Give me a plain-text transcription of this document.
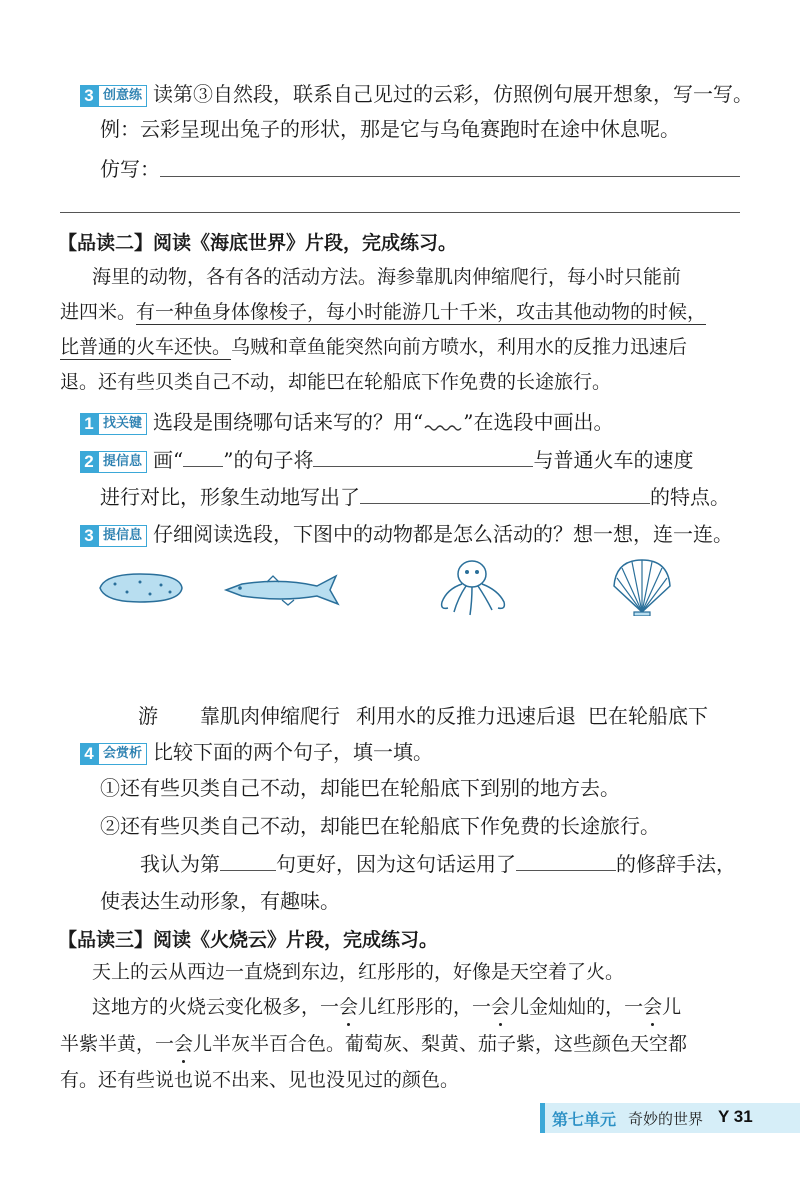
3 创意练 读第③自然段，联系自己见过的云彩，仿照例句展开想象，写一写。
例：云彩呈现出兔子的形状，那是它与乌龟赛跑时在途中休息呢。
仿写：
【品读二】阅读《海底世界》片段，完成练习。
海里的动物，各有各的活动方法。海参靠肌肉伸缩爬行，每小时只能前
进四米。有一种鱼身体像梭子，每小时能游几十千米，攻击其他动物的时候，
比普通的火车还快。乌贼和章鱼能突然向前方喷水，利用水的反推力迅速后
退。还有些贝类自己不动，却能巴在轮船底下作免费的长途旅行。
1 找关键 选段是围绕哪句话来写的？用“ ”在选段中画出。
2 提信息 画“ ”的句子将	与普通火车的速度
进行对比，形象生动地写出了	的特点。
3 提信息 仔细阅读选段，下图中的动物都是怎么活动的？想一想，连一连。
游 靠肌肉伸缩爬行 利用水的反推力迅速后退 巴在轮船底下
4 会赏析 比较下面的两个句子，填一填。
①还有些贝类自己不动，却能巴在轮船底下到别的地方去。
②还有些贝类自己不动，却能巴在轮船底下作免费的长途旅行。
我认为第	句更好，因为这句话运用了	的修辞手法，
使表达生动形象，有趣味。
【品读三】阅读《火烧云》片段，完成练习。
天上的云从西边一直烧到东边，红彤彤的，好像是天空着了火。
这地方的火烧云变化极多，一会儿红彤彤的，一会儿金灿灿的，一会儿
半紫半黄，一会儿半灰半百合色。葡萄灰、梨黄、茄子紫，这些颜色天空都
有。还有些说也说不出来、见也没见过的颜色。
第七单元 奇妙的世界 Y 31
